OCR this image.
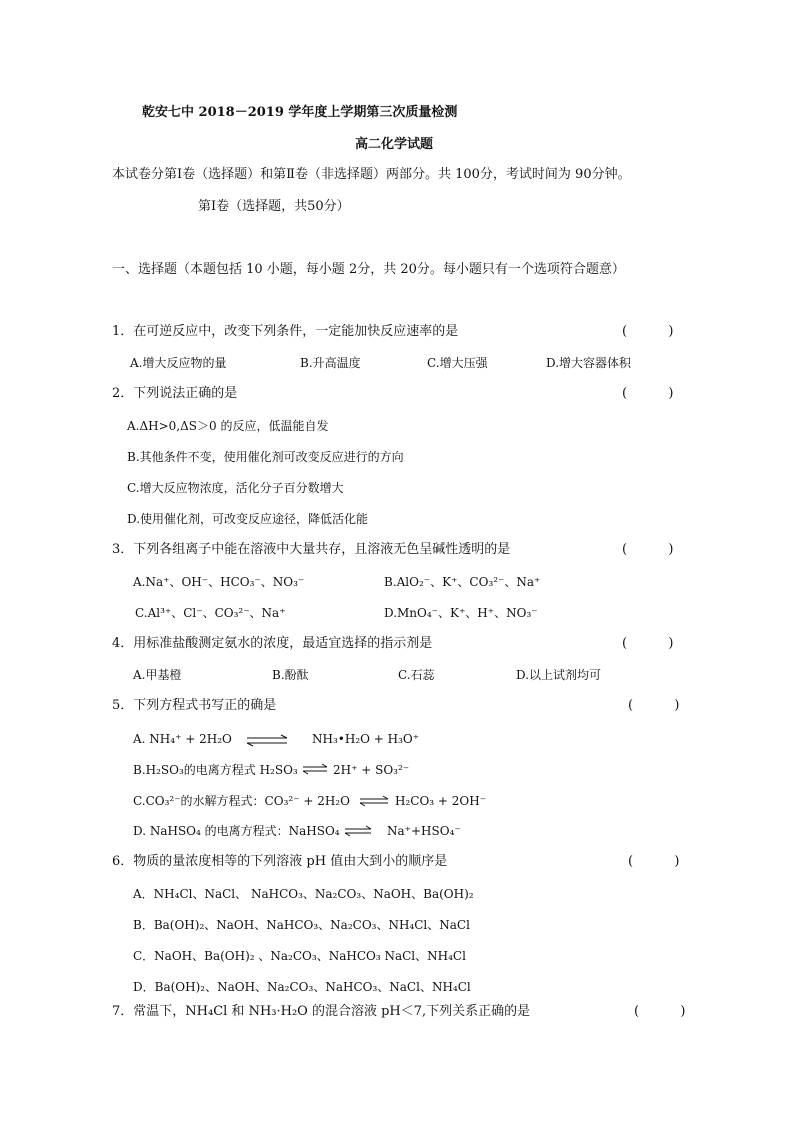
乾安七中 2018－2019 学年度上学期第三次质量检测
高二化学试题
本试卷分第Ⅰ卷（选择题）和第Ⅱ卷（非选择题）两部分。共 100分，考试时间为 90分钟。
第Ⅰ卷（选择题，共50分）
一、选择题（本题包括 10 小题，每小题 2分，共 20分。每小题只有一个选项符合题意）
1．在可逆反应中，改变下列条件，一定能加快反应速率的是	(          )
A.增大反应物的量	B.升高温度	C.增大压强	D.增大容器体积
2．下列说法正确的是	(          )
A.ΔH>0,ΔS＞0 的反应，低温能自发
B.其他条件不变，使用催化剂可改变反应进行的方向
C.增大反应物浓度，活化分子百分数增大
D.使用催化剂，可改变反应途径，降低活化能
3．下列各组离子中能在溶液中大量共存，且溶液无色呈碱性透明的是	(          )
A.Na⁺、OH⁻、HCO₃⁻、NO₃⁻	B.AlO₂⁻、K⁺、CO₃²⁻、Na⁺
C.Al³⁺、Cl⁻、CO₃²⁻、Na⁺	D.MnO₄⁻、K⁺、H⁺、NO₃⁻
4．用标准盐酸测定氨水的浓度，最适宜选择的指示剂是	(          )
A.甲基橙	B.酚酞	C.石蕊	D.以上试剂均可
5．下列方程式书写正的确是	(          )
A. NH₄⁺ + 2H₂O ⇌ NH₃•H₂O + H₃O⁺
B.H₂SO₃的电离方程式 H₂SO₃ ⇌ 2H⁺ + SO₃²⁻
C.CO₃²⁻的水解方程式：CO₃²⁻ + 2H₂O ⇌ H₂CO₃ + 2OH⁻
D. NaHSO₄ 的电离方程式：NaHSO₄ ⇌ Na⁺+HSO₄⁻
6．物质的量浓度相等的下列溶液 pH 值由大到小的顺序是	(          )
A．NH₄Cl、NaCl、 NaHCO₃、Na₂CO₃、NaOH、Ba(OH)₂
B．Ba(OH)₂、NaOH、NaHCO₃、Na₂CO₃、NH₄Cl、NaCl
C．NaOH、Ba(OH)₂ 、Na₂CO₃、NaHCO₃ NaCl、NH₄Cl
D．Ba(OH)₂、NaOH、Na₂CO₃、NaHCO₃、NaCl、NH₄Cl
7．常温下，NH₄Cl 和 NH₃·H₂O 的混合溶液 pH＜7,下列关系正确的是	(          )
